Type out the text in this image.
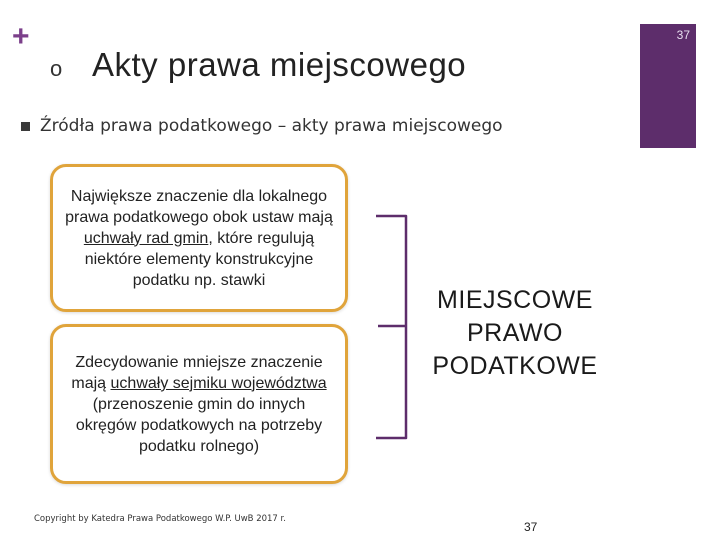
+	37
o Akty prawa miejscowego
Źródła prawa podatkowego – akty prawa miejscowego
Największe znaczenie dla lokalnego prawa podatkowego obok ustaw mają uchwały rad gmin, które regulują niektóre elementy konstrukcyjne podatku np. stawki
Zdecydowanie mniejsze znaczenie mają uchwały sejmiku województwa (przenoszenie gmin do innych okręgów podatkowych na potrzeby podatku rolnego)
MIEJSCOWE
PRAWO
PODATKOWE
Copyright by Katedra Prawa Podatkowego W.P. UwB 2017 r.
37
